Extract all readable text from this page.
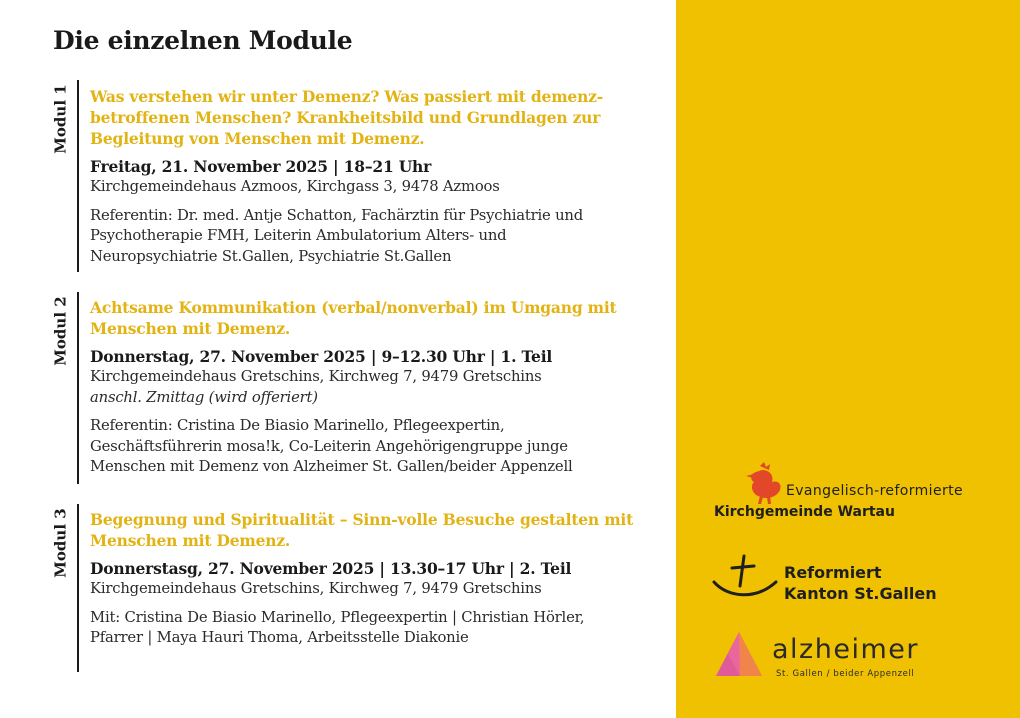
Die einzelnen Module
Modul 1 Was verstehen wir unter Demenz? Was passiert mit demenz-
betroffenen Menschen? Krankheitsbild und Grundlagen zur
Begleitung von Menschen mit Demenz.

Freitag, 21. November 2025 | 18–21 Uhr

Kirchgemeindehaus Azmoos, Kirchgass 3, 9478 Azmoos

Referentin: Dr. med. Antje Schatton, Fachärztin für Psychiatrie und
Psychotherapie FMH, Leiterin Ambulatorium Alters- und
Neuropsychiatrie St.Gallen, Psychiatrie St.Gallen

Modul 2 Achtsame Kommunikation (verbal/nonverbal) im Umgang mit
Menschen mit Demenz.

Donnerstag, 27. November 2025 | 9–12.30 Uhr | 1. Teil

Kirchgemeindehaus Gretschins, Kirchweg 7, 9479 Gretschins

anschl. Zmittag (wird offeriert)

Referentin: Cristina De Biasio Marinello, Pflegeexpertin,
Geschäftsführerin mosa!k, Co-Leiterin Angehörigengruppe junge
Menschen mit Demenz von Alzheimer St. Gallen/beider Appenzell

Modul 3 Begegnung und Spiritualität – Sinn-volle Besuche gestalten mit
Menschen mit Demenz.

Donnerstasg, 27. November 2025 | 13.30–17 Uhr | 2. Teil

Kirchgemeindehaus Gretschins, Kirchweg 7, 9479 Gretschins

Mit: Cristina De Biasio Marinello, Pflegeexpertin | Christian Hörler,
Pfarrer | Maya Hauri Thoma, Arbeitsstelle Diakonie

Evangelisch-reformierte
Kirchgemeinde Wartau
Reformiert
Kanton St.Gallen
alzheimer
St. Gallen / beider Appenzell
